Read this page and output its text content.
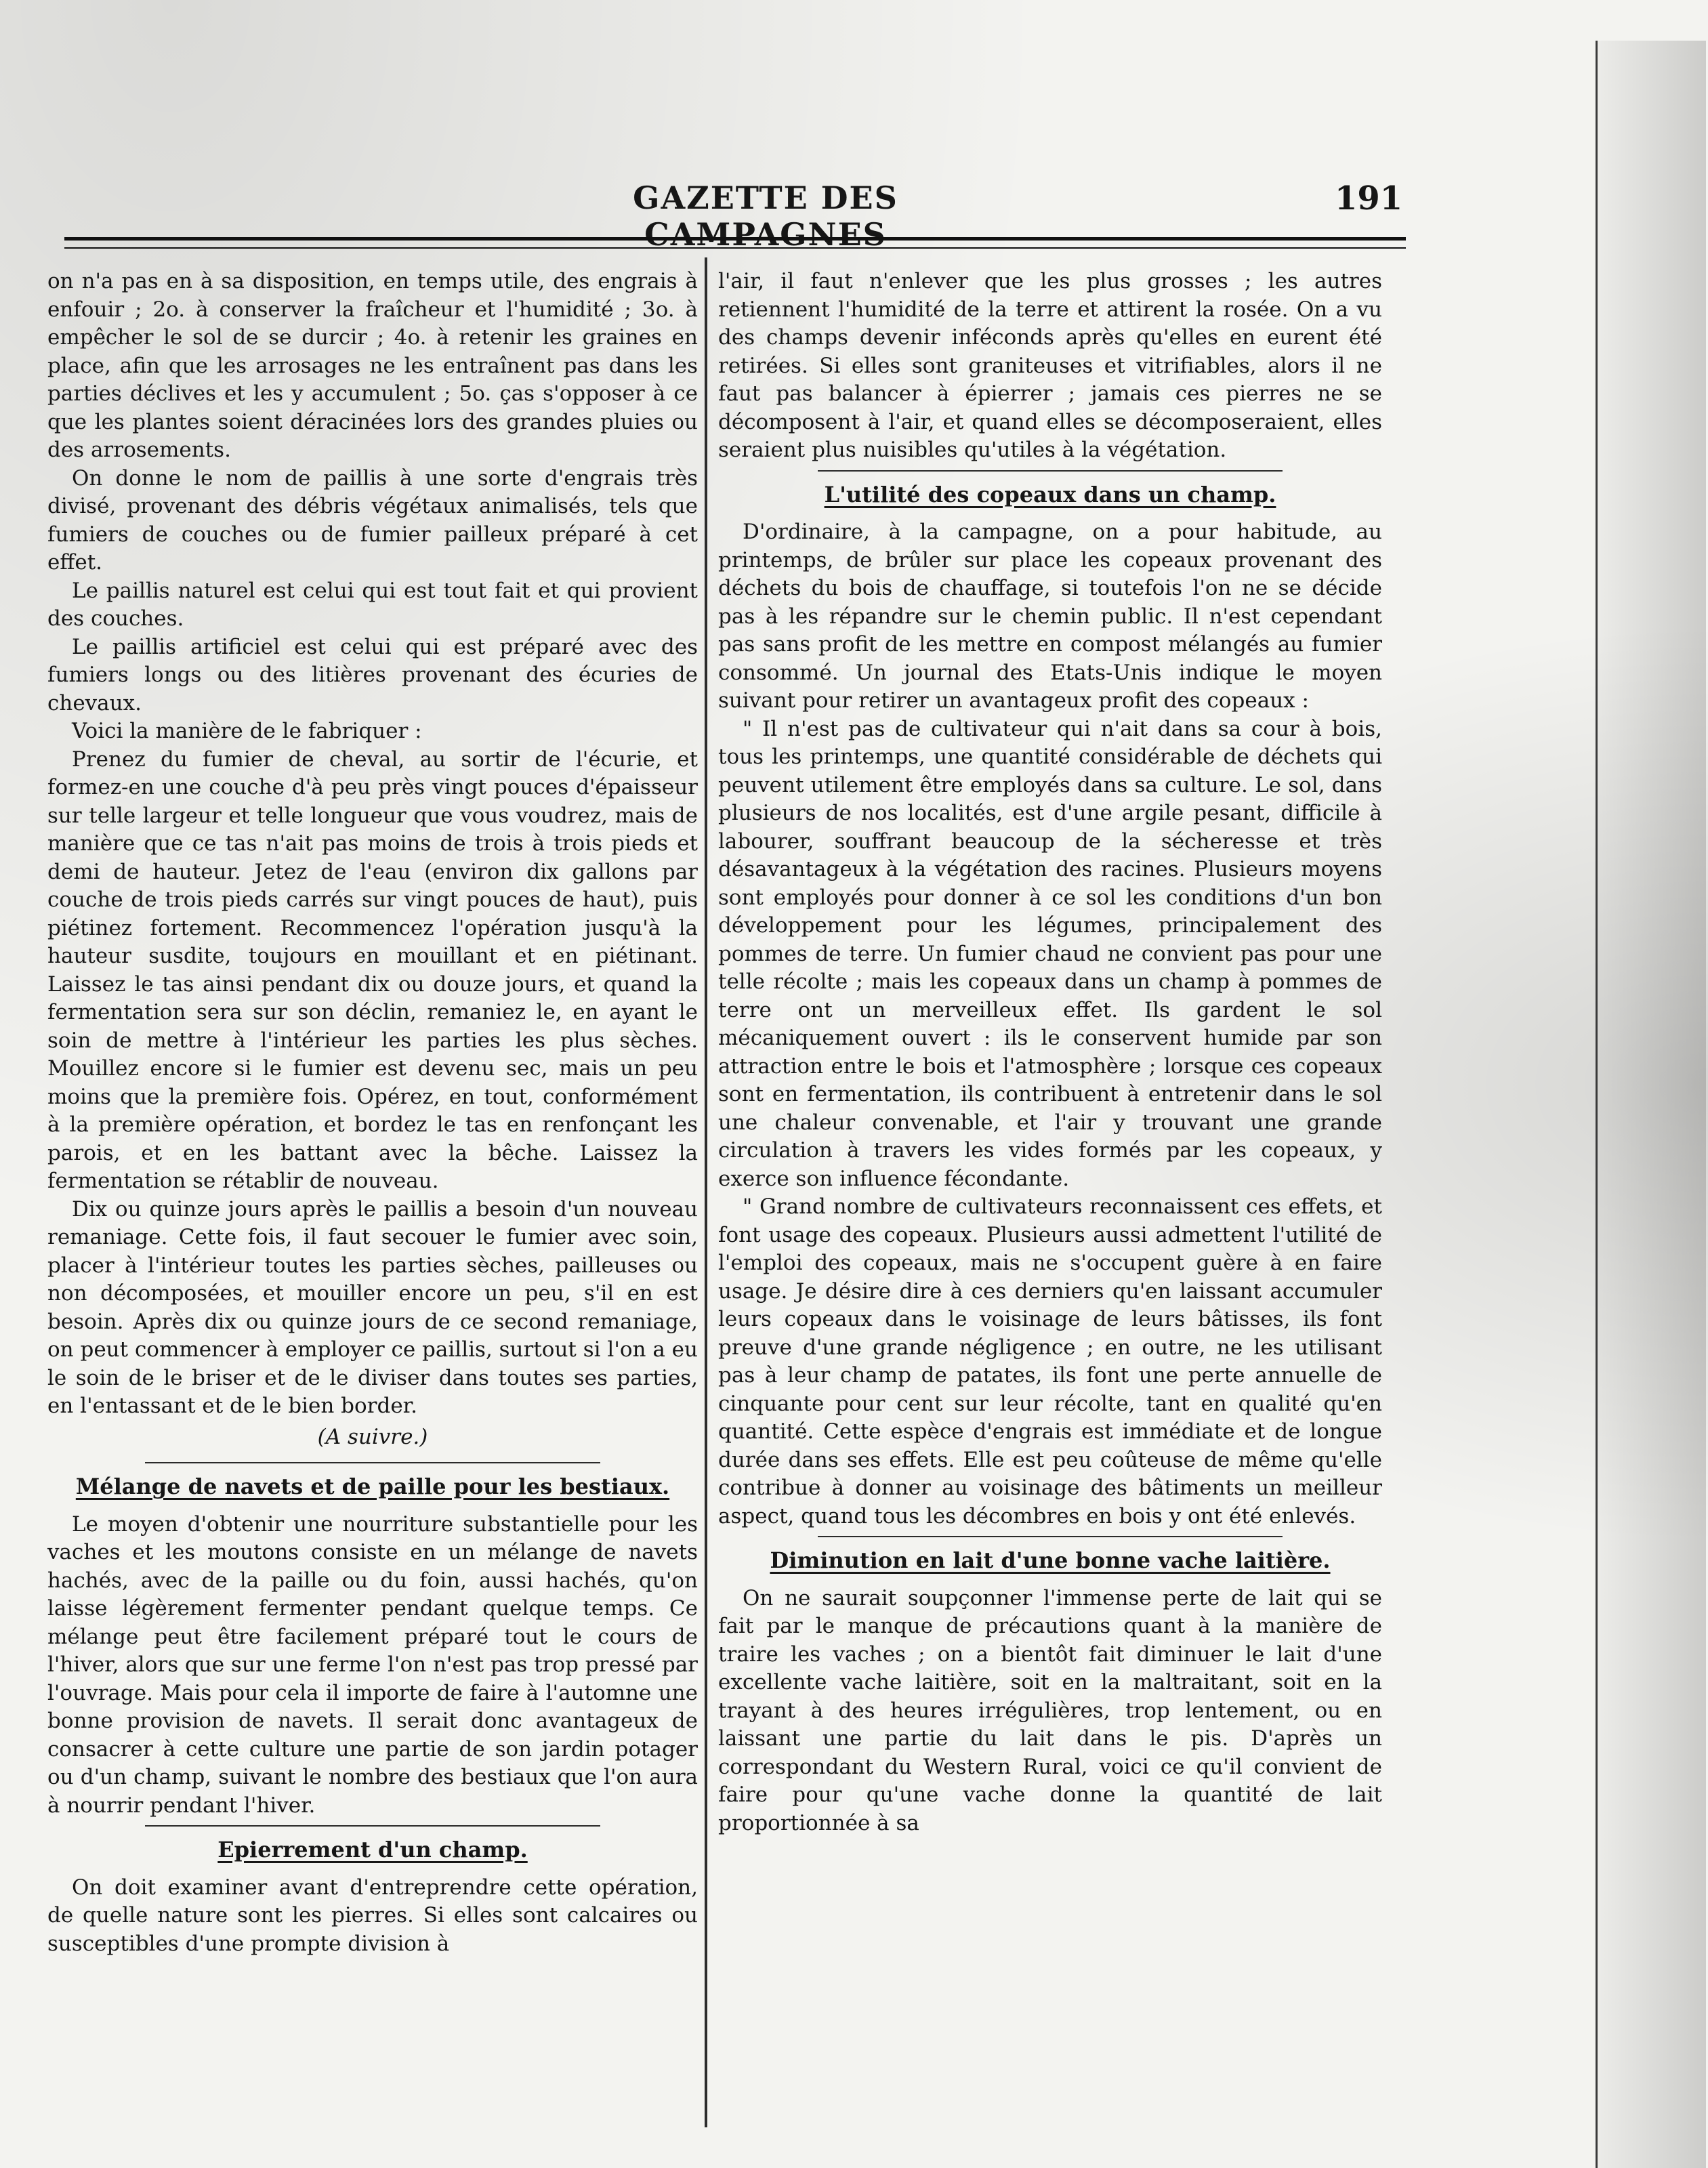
GAZETTE DES CAMPAGNES
191

on n'a pas en à sa disposition, en temps utile, des engrais à enfouir ; 2o. à conserver la fraîcheur et l'humidité ; 3o. à empêcher le sol de se durcir ; 4o. à retenir les graines en place, afin que les arrosages ne les entraînent pas dans les parties déclives et les y accumulent ; 5o. ças s'opposer à ce que les plantes soient déracinées lors des grandes pluies ou des arrosements.

On donne le nom de paillis à une sorte d'engrais très divisé, provenant des débris végétaux animalisés, tels que fumiers de couches ou de fumier pailleux préparé à cet effet.

Le paillis naturel est celui qui est tout fait et qui provient des couches.

Le paillis artificiel est celui qui est préparé avec des fumiers longs ou des litières provenant des écuries de chevaux.

Voici la manière de le fabriquer :

Prenez du fumier de cheval, au sortir de l'écurie, et formez-en une couche d'à peu près vingt pouces d'épaisseur sur telle largeur et telle longueur que vous voudrez, mais de manière que ce tas n'ait pas moins de trois à trois pieds et demi de hauteur. Jetez de l'eau (environ dix gallons par couche de trois pieds carrés sur vingt pouces de haut), puis piétinez fortement. Recommencez l'opération jusqu'à la hauteur susdite, toujours en mouillant et en piétinant. Laissez le tas ainsi pendant dix ou douze jours, et quand la fermentation sera sur son déclin, remaniez le, en ayant le soin de mettre à l'intérieur les parties les plus sèches. Mouillez encore si le fumier est devenu sec, mais un peu moins que la première fois. Opérez, en tout, conformément à la première opération, et bordez le tas en renfonçant les parois, et en les battant avec la bêche. Laissez la fermentation se rétablir de nouveau.

Dix ou quinze jours après le paillis a besoin d'un nouveau remaniage. Cette fois, il faut secouer le fumier avec soin, placer à l'intérieur toutes les parties sèches, pailleuses ou non décomposées, et mouiller encore un peu, s'il en est besoin. Après dix ou quinze jours de ce second remaniage, on peut commencer à employer ce paillis, surtout si l'on a eu le soin de le briser et de le diviser dans toutes ses parties, en l'entassant et de le bien border.

(A suivre.)
Mélange de navets et de paille pour les bestiaux.

Le moyen d'obtenir une nourriture substantielle pour les vaches et les moutons consiste en un mélange de navets hachés, avec de la paille ou du foin, aussi hachés, qu'on laisse légèrement fermenter pendant quelque temps. Ce mélange peut être facilement préparé tout le cours de l'hiver, alors que sur une ferme l'on n'est pas trop pressé par l'ouvrage. Mais pour cela il importe de faire à l'automne une bonne provision de navets. Il serait donc avantageux de consacrer à cette culture une partie de son jardin potager ou d'un champ, suivant le nombre des bestiaux que l'on aura à nourrir pendant l'hiver.

Epierrement d'un champ.

On doit examiner avant d'entreprendre cette opération, de quelle nature sont les pierres. Si elles sont calcaires ou susceptibles d'une prompte division à

l'air, il faut n'enlever que les plus grosses ; les autres retiennent l'humidité de la terre et attirent la rosée. On a vu des champs devenir inféconds après qu'elles en eurent été retirées. Si elles sont graniteuses et vitrifiables, alors il ne faut pas balancer à épierrer ; jamais ces pierres ne se décomposent à l'air, et quand elles se décomposeraient, elles seraient plus nuisibles qu'utiles à la végétation.

L'utilité des copeaux dans un champ.

D'ordinaire, à la campagne, on a pour habitude, au printemps, de brûler sur place les copeaux provenant des déchets du bois de chauffage, si toutefois l'on ne se décide pas à les répandre sur le chemin public. Il n'est cependant pas sans profit de les mettre en compost mélangés au fumier consommé. Un journal des Etats-Unis indique le moyen suivant pour retirer un avantageux profit des copeaux :

" Il n'est pas de cultivateur qui n'ait dans sa cour à bois, tous les printemps, une quantité considérable de déchets qui peuvent utilement être employés dans sa culture. Le sol, dans plusieurs de nos localités, est d'une argile pesant, difficile à labourer, souffrant beaucoup de la sécheresse et très désavantageux à la végétation des racines. Plusieurs moyens sont employés pour donner à ce sol les conditions d'un bon développement pour les légumes, principalement des pommes de terre. Un fumier chaud ne convient pas pour une telle récolte ; mais les copeaux dans un champ à pommes de terre ont un merveilleux effet. Ils gardent le sol mécaniquement ouvert : ils le conservent humide par son attraction entre le bois et l'atmosphère ; lorsque ces copeaux sont en fermentation, ils contribuent à entretenir dans le sol une chaleur convenable, et l'air y trouvant une grande circulation à travers les vides formés par les copeaux, y exerce son influence fécondante.

" Grand nombre de cultivateurs reconnaissent ces effets, et font usage des copeaux. Plusieurs aussi admettent l'utilité de l'emploi des copeaux, mais ne s'occupent guère à en faire usage. Je désire dire à ces derniers qu'en laissant accumuler leurs copeaux dans le voisinage de leurs bâtisses, ils font preuve d'une grande négligence ; en outre, ne les utilisant pas à leur champ de patates, ils font une perte annuelle de cinquante pour cent sur leur récolte, tant en qualité qu'en quantité. Cette espèce d'engrais est immédiate et de longue durée dans ses effets. Elle est peu coûteuse de même qu'elle contribue à donner au voisinage des bâtiments un meilleur aspect, quand tous les décombres en bois y ont été enlevés.

Diminution en lait d'une bonne vache laitière.

On ne saurait soupçonner l'immense perte de lait qui se fait par le manque de précautions quant à la manière de traire les vaches ; on a bientôt fait diminuer le lait d'une excellente vache laitière, soit en la maltraitant, soit en la trayant à des heures irrégulières, trop lentement, ou en laissant une partie du lait dans le pis. D'après un correspondant du Western Rural, voici ce qu'il convient de faire pour qu'une vache donne la quantité de lait proportionnée à sa
